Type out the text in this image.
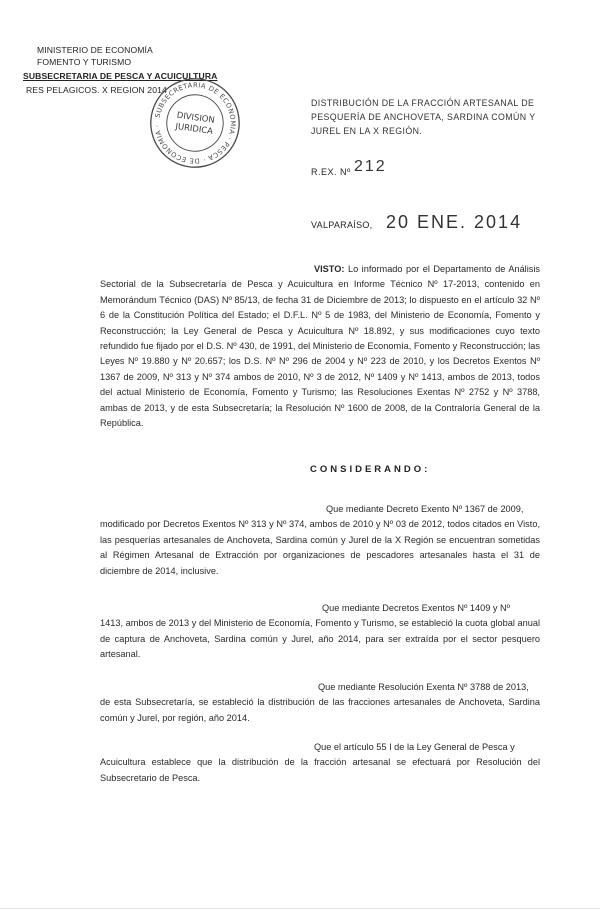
MINISTERIO DE ECONOMÍA
FOMENTO Y TURISMO
SUBSECRETARIA DE PESCA Y ACUICULTURA
RES PELAGICOS. X REGION 2014
SUBSECRETARIA DE ECONOMIA · PESCA · DE ECONOMIA ·
DIVISION
JURIDICA
DISTRIBUCIÓN DE LA FRACCIÓN ARTESANAL DE
PESQUERÍA DE ANCHOVETA, SARDINA COMÚN Y
JUREL EN LA X REGIÓN.
R.EX. Nº 212
VALPARAÍSO, 20 ENE. 2014
VISTO: Lo informado por el Departamento de Análisis Sectorial de la Subsecretaría de Pesca y Acuicultura en Informe Técnico Nº 17-2013, contenido en Memorándum Técnico (DAS) Nº 85/13, de fecha 31 de Diciembre de 2013; lo dispuesto en el artículo 32 Nº 6 de la Constitución Política del Estado; el D.F.L. Nº 5 de 1983, del Ministerio de Economía, Fomento y Reconstrucción; la Ley General de Pesca y Acuicultura Nº 18.892, y sus modificaciones cuyo texto refundido fue fijado por el D.S. Nº 430, de 1991, del Ministerio de Economía, Fomento y Reconstrucción; las Leyes Nº 19.880 y Nº 20.657; los D.S. Nº Nº 296 de 2004 y Nº 223 de 2010, y los Decretos Exentos Nº 1367 de 2009, Nº 313 y Nº 374 ambos de 2010, Nº 3 de 2012, Nº 1409 y Nº 1413, ambos de 2013, todos del actual Ministerio de Economía, Fomento y Turismo; las Resoluciones Exentas Nº 2752 y Nº 3788, ambas de 2013, y de esta Subsecretaría; la Resolución Nº 1600 de 2008, de la Contraloría General de la República.
CONSIDERANDO:
Que mediante Decreto Exento Nº 1367 de 2009,
modificado por Decretos Exentos Nº 313 y Nº 374, ambos de 2010 y Nº 03 de 2012, todos citados en Visto, las pesquerías artesanales de Anchoveta, Sardina común y Jurel de la X Región se encuentran sometidas al Régimen Artesanal de Extracción por organizaciones de pescadores artesanales hasta el 31 de diciembre de 2014, inclusive.
Que mediante Decretos Exentos Nº 1409 y Nº
1413, ambos de 2013 y del Ministerio de Economía, Fomento y Turismo, se estableció la cuota global anual de captura de Anchoveta, Sardina común y Jurel, año 2014, para ser extraída por el sector pesquero artesanal.
Que mediante Resolución Exenta Nº 3788 de 2013,
de esta Subsecretaría, se estableció la distribución de las fracciones artesanales de Anchoveta, Sardina común y Jurel, por región, año 2014.
Que el artículo 55 I de la Ley General de Pesca y
Acuicultura establece que la distribución de la fracción artesanal se efectuará por Resolución del Subsecretario de Pesca.
